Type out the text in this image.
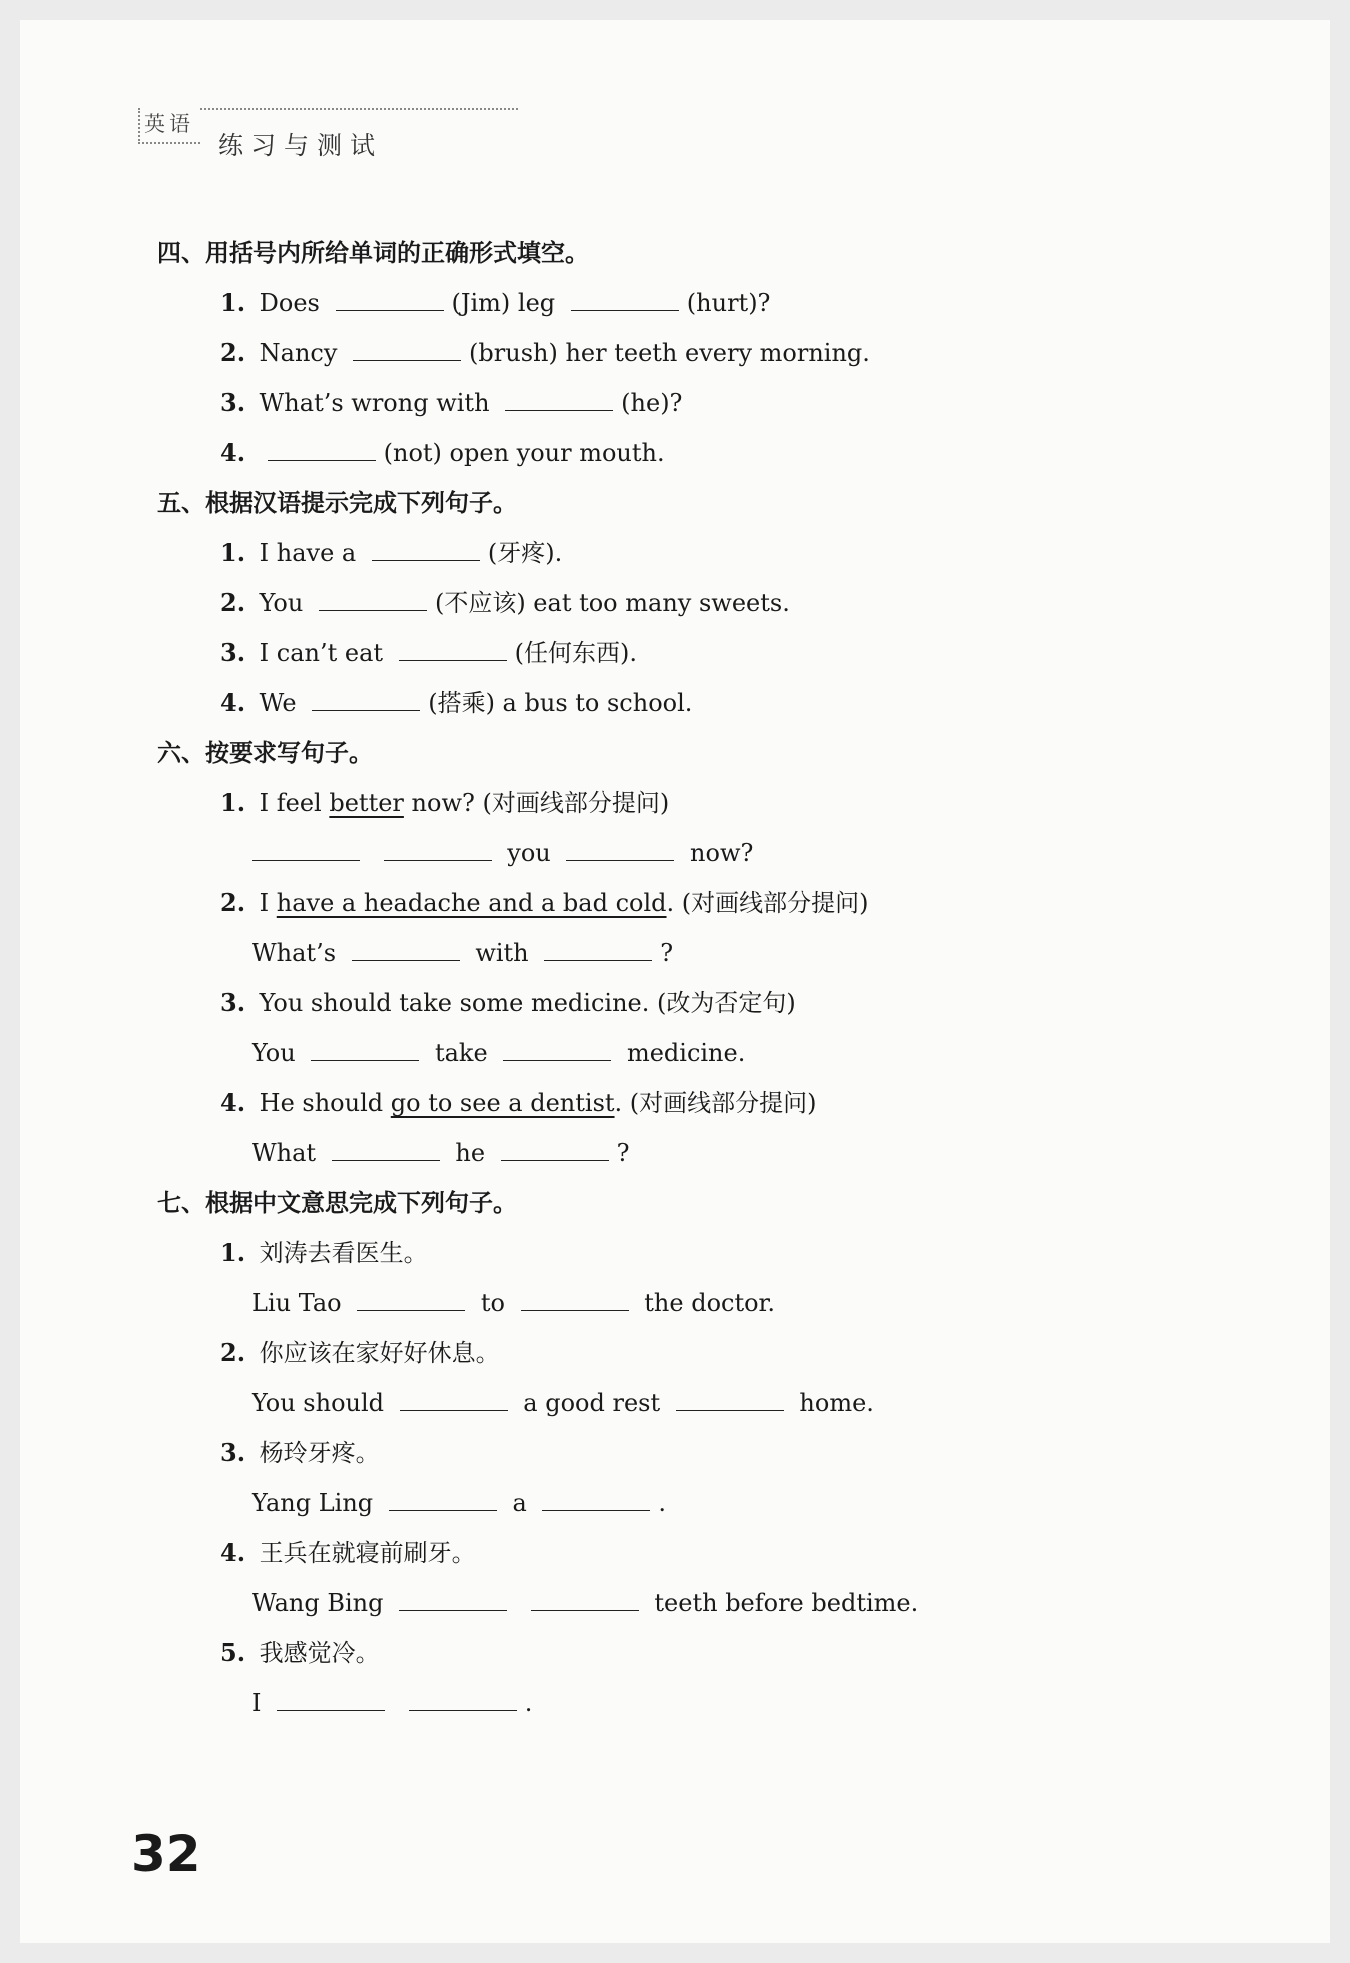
英语
练习与测试
四、用括号内所给单词的正确形式填空。
1. Does	(Jim) leg	(hurt)?
2. Nancy	(brush) her teeth every morning.
3. What’s wrong with	(he)?
4.	(not) open your mouth.
五、根据汉语提示完成下列句子。
1. I have a	(牙疼).
2. You	(不应该) eat too many sweets.
3. I can’t eat	(任何东西).
4. We	(搭乘) a bus to school.
六、按要求写句子。
1. I feel better now? (对画线部分提问)
you	now?
2. I have a headache and a bad cold. (对画线部分提问)
What’s	with	?
3. You should take some medicine. (改为否定句)
You	take	medicine.
4. He should go to see a dentist. (对画线部分提问)
What	he	?
七、根据中文意思完成下列句子。
1. 刘涛去看医生。
Liu Tao	to	the doctor.
2. 你应该在家好好休息。
You should	a good rest	home.
3. 杨玲牙疼。
Yang Ling	a	.
4. 王兵在就寝前刷牙。
Wang Bing	teeth before bedtime.
5. 我感觉冷。
I	.
32
